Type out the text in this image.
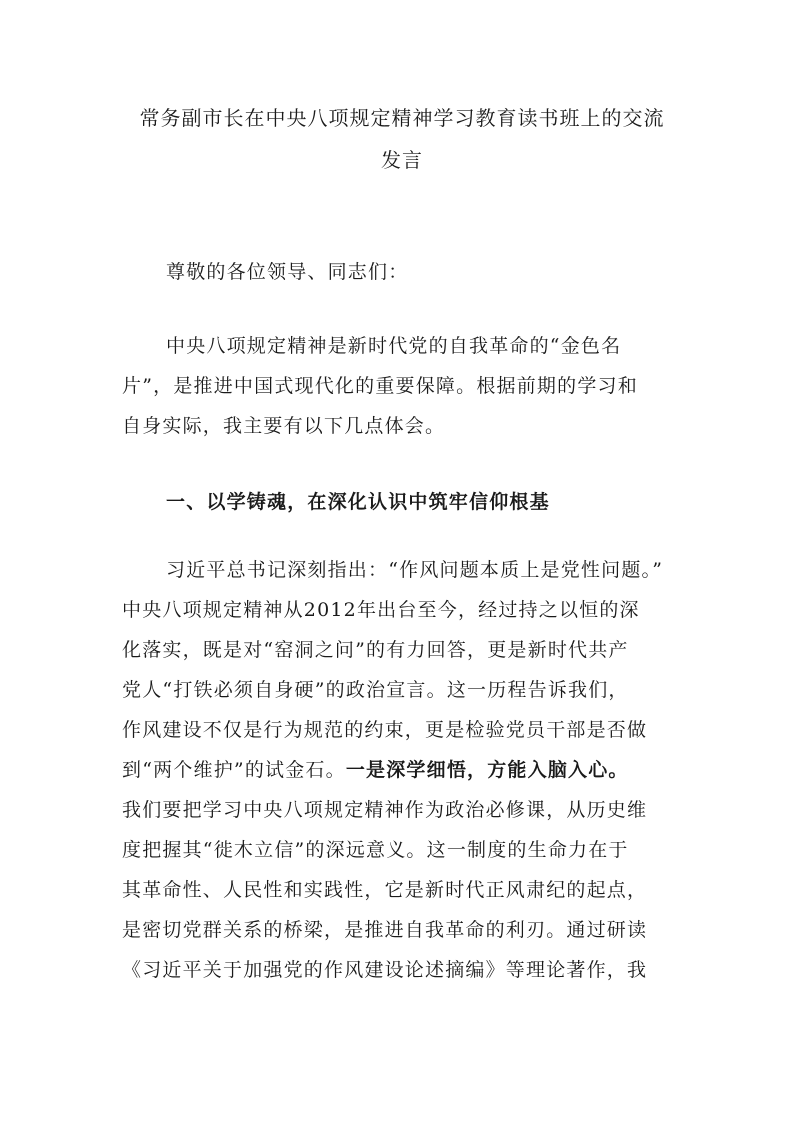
常务副市长在中央八项规定精神学习教育读书班上的交流
发言
尊敬的各位领导、同志们：
中央八项规定精神是新时代党的自我革命的“金色名
片”，是推进中国式现代化的重要保障。根据前期的学习和
自身实际，我主要有以下几点体会。
一、以学铸魂，在深化认识中筑牢信仰根基
习近平总书记深刻指出：“作风问题本质上是党性问题。”
中央八项规定精神从2012年出台至今，经过持之以恒的深
化落实，既是对“窑洞之问”的有力回答，更是新时代共产
党人“打铁必须自身硬”的政治宣言。这一历程告诉我们，
作风建设不仅是行为规范的约束，更是检验党员干部是否做
到“两个维护”的试金石。一是深学细悟，方能入脑入心。
我们要把学习中央八项规定精神作为政治必修课，从历史维
度把握其“徙木立信”的深远意义。这一制度的生命力在于
其革命性、人民性和实践性，它是新时代正风肃纪的起点，
是密切党群关系的桥梁，是推进自我革命的利刃。通过研读
《习近平关于加强党的作风建设论述摘编》等理论著作，我
